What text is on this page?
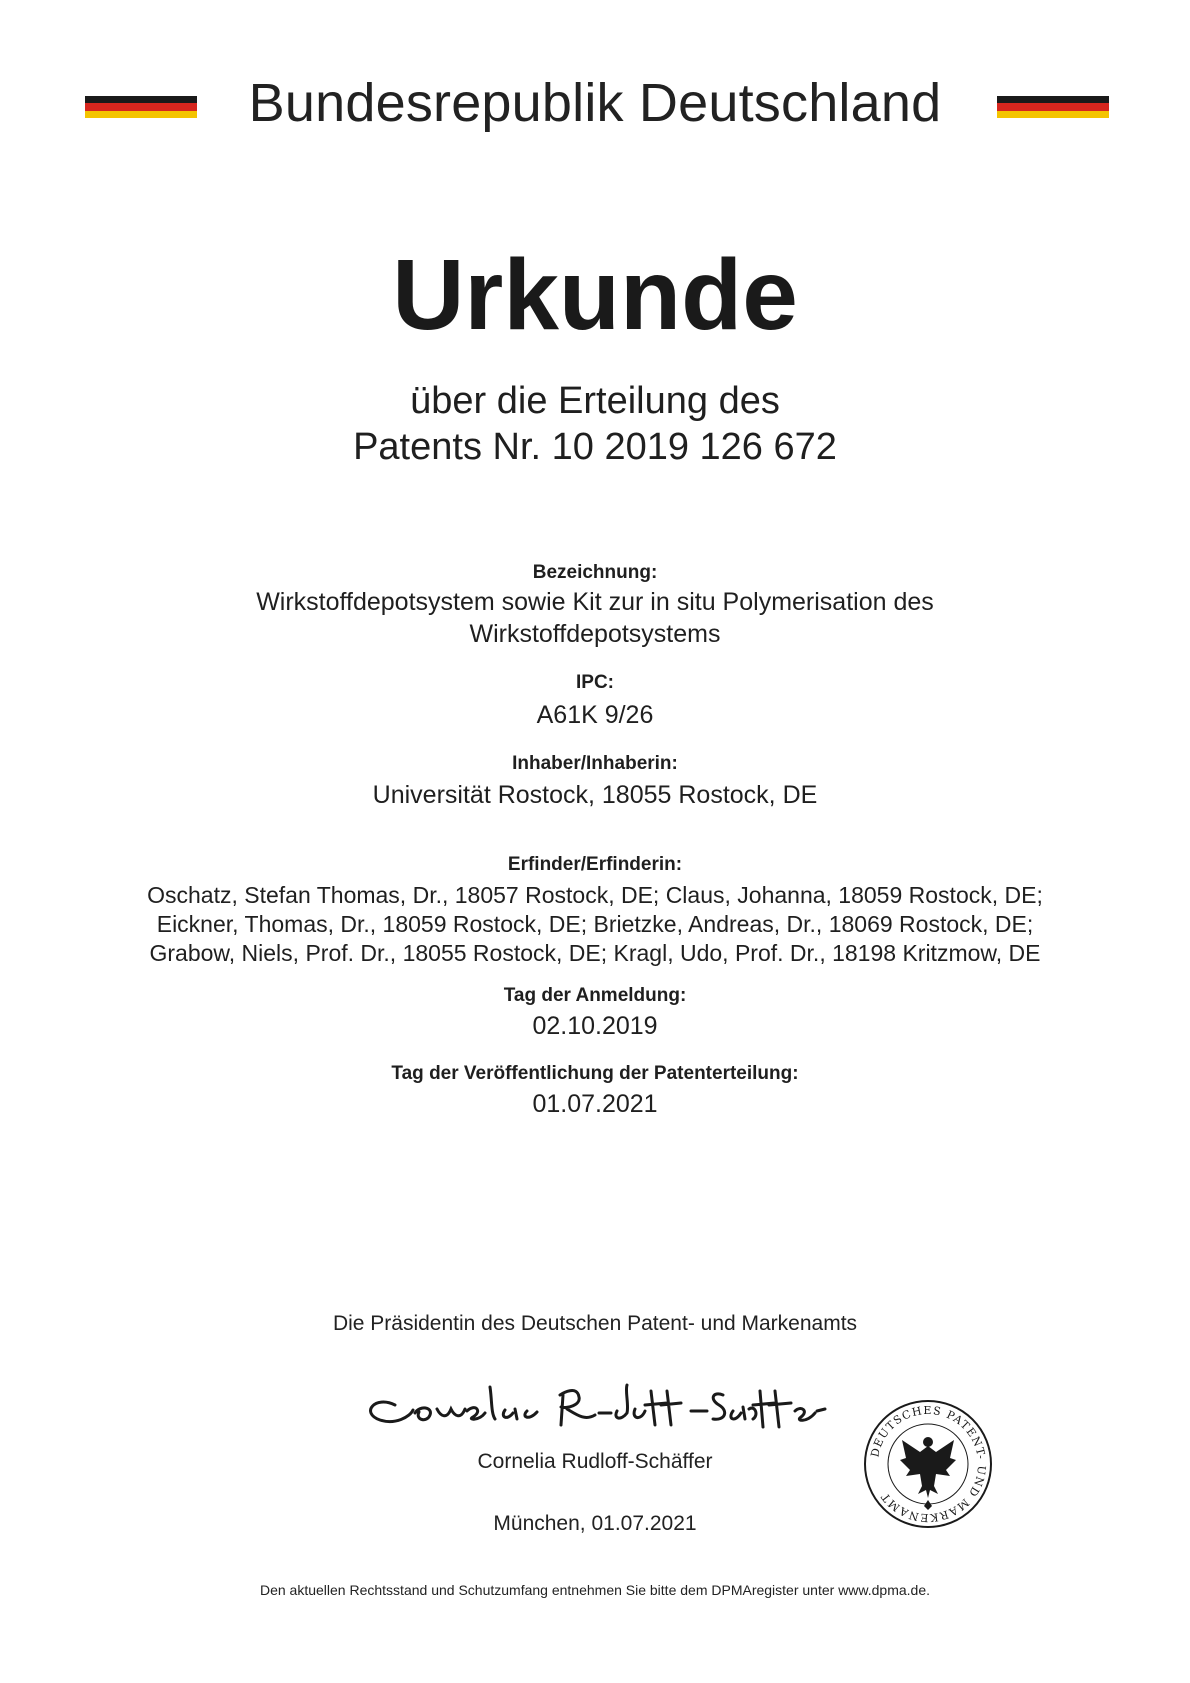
Bundesrepublik Deutschland
Urkunde
über die Erteilung des
Patents Nr. 10 2019 126 672
Bezeichnung:
Wirkstoffdepotsystem sowie Kit zur in situ Polymerisation des
Wirkstoffdepotsystems
IPC:
A61K 9/26
Inhaber/Inhaberin:
Universität Rostock, 18055 Rostock, DE
Erfinder/Erfinderin:
Oschatz, Stefan Thomas, Dr., 18057 Rostock, DE; Claus, Johanna, 18059 Rostock, DE;
Eickner, Thomas, Dr., 18059 Rostock, DE; Brietzke, Andreas, Dr., 18069 Rostock, DE;
Grabow, Niels, Prof. Dr., 18055 Rostock, DE; Kragl, Udo, Prof. Dr., 18198 Kritzmow, DE
Tag der Anmeldung:
02.10.2019
Tag der Veröffentlichung der Patenterteilung:
01.07.2021
Die Präsidentin des Deutschen Patent- und Markenamts
Cornelia Rudloff-Schäffer
München, 01.07.2021
DEUTSCHES PATENT- UND MARKENAMT
Den aktuellen Rechtsstand und Schutzumfang entnehmen Sie bitte dem DPMAregister unter www.dpma.de.
